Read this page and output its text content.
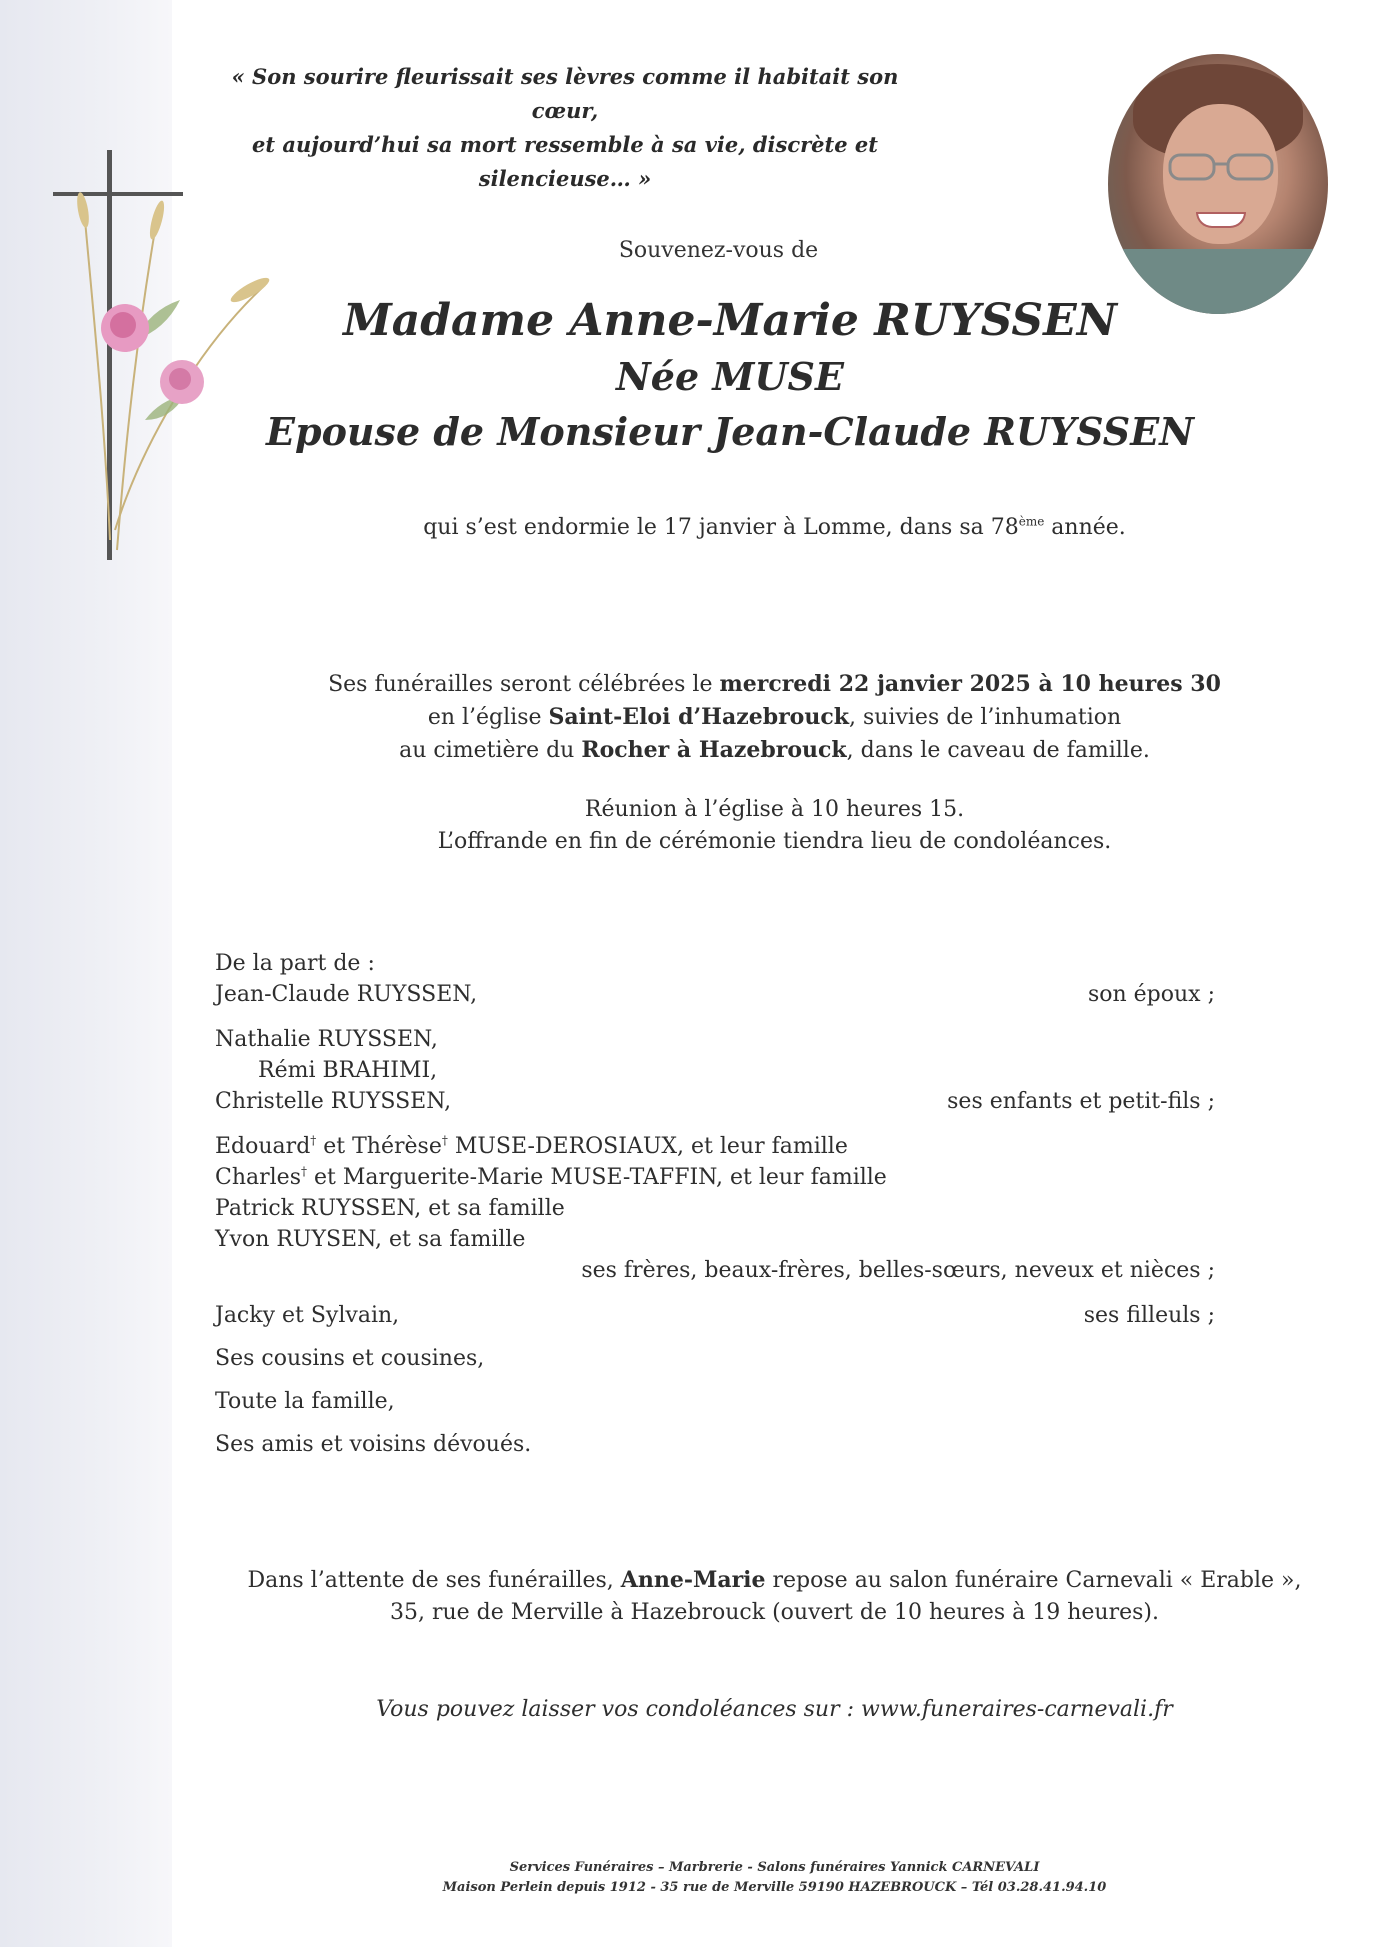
« Son sourire fleurissait ses lèvres comme il habitait son cœur,
et aujourd’hui sa mort ressemble à sa vie, discrète et silencieuse… »
Souvenez-vous de
Madame Anne-Marie RUYSSEN
Née MUSE
Epouse de Monsieur Jean-Claude RUYSSEN
qui s’est endormie le 17 janvier à Lomme, dans sa 78ème année.
Ses funérailles seront célébrées le mercredi 22 janvier 2025 à 10 heures 30
en l’église Saint-Eloi d’Hazebrouck, suivies de l’inhumation
au cimetière du Rocher à Hazebrouck, dans le caveau de famille.
Réunion à l’église à 10 heures 15.
L’offrande en fin de cérémonie tiendra lieu de condoléances.
De la part de :
Jean-Claude RUYSSEN,	son époux ;
Nathalie RUYSSEN,
Rémi BRAHIMI,
Christelle RUYSSEN,	ses enfants et petit-fils ;
Edouard† et Thérèse† MUSE-DEROSIAUX, et leur famille
Charles† et Marguerite-Marie MUSE-TAFFIN, et leur famille
Patrick RUYSSEN, et sa famille
Yvon RUYSEN, et sa famille
ses frères, beaux-frères, belles-sœurs, neveux et nièces ;
Jacky et Sylvain,	ses filleuls ;
Ses cousins et cousines,
Toute la famille,
Ses amis et voisins dévoués.
Dans l’attente de ses funérailles, Anne-Marie repose au salon funéraire Carnevali « Erable »,
35, rue de Merville à Hazebrouck (ouvert de 10 heures à 19 heures).
Vous pouvez laisser vos condoléances sur : www.funeraires-carnevali.fr
Services Funéraires – Marbrerie - Salons funéraires Yannick CARNEVALI
Maison Perlein depuis 1912 - 35 rue de Merville 59190 HAZEBROUCK – Tél 03.28.41.94.10
